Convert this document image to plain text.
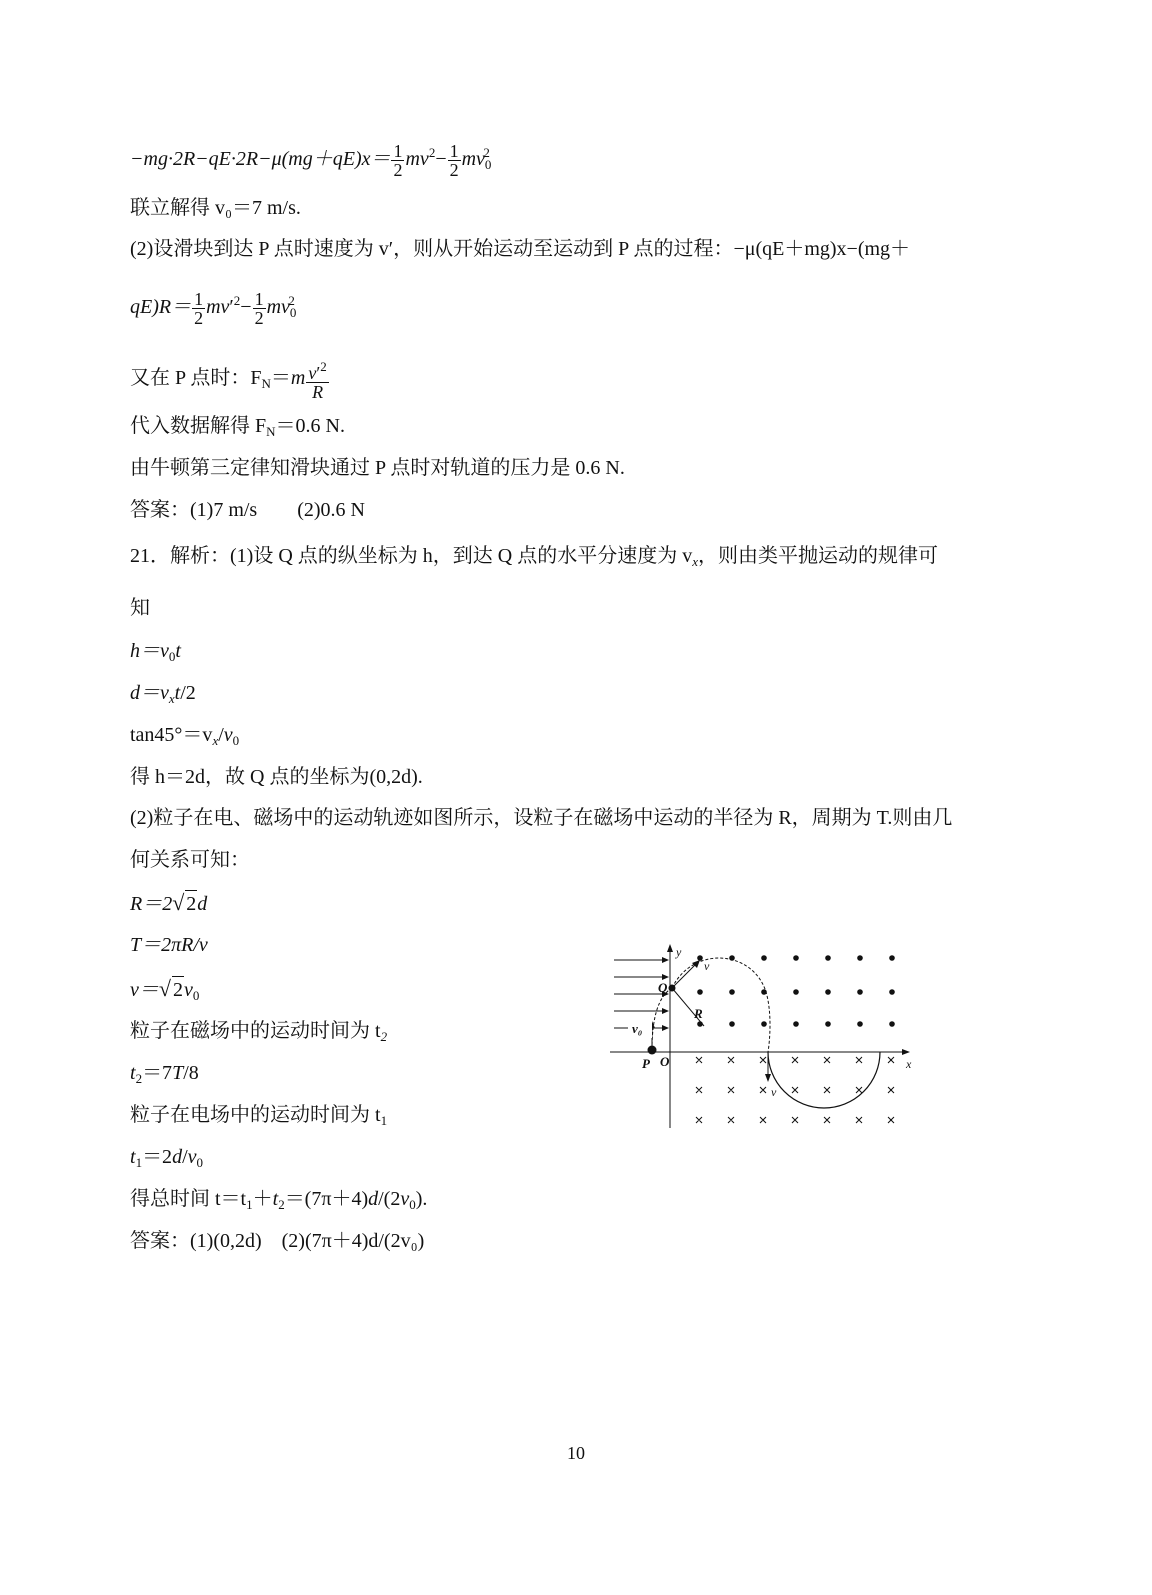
$-mg\cdot 2R-qE\cdot 2R-\mu(mg+qE)x= \frac{1}{2} mv^2- \frac{1}{2} mv_0^2$
联立解得 v₀＝7 m/s.
(2)设滑块到达 P 点时速度为 v′，则从开始运动至运动到 P 点的过程：−μ(qE＋mg)x−(mg＋
$qE)R= \frac{1}{2} mv'^2- \frac{1}{2} mv_0^2$
又在 P 点时：$F_N=m \frac{v'^2}{R}$
代入数据解得 $F_N=0.6$ N.
由牛顿第三定律知滑块通过 P 点时对轨道的压力是 0.6 N.
答案：(1)7 m/s　　(2)0.6 N
21．解析：(1)设 Q 点的纵坐标为 h，到达 Q 点的水平分速度为 $v_x$，则由类平抛运动的规律可
知
$h=v_0t$
$d=v_xt/2$
$\tan 45^\circ=v_x/v_0$
得 h＝2d，故 Q 点的坐标为(0,2d).
(2)粒子在电、磁场中的运动轨迹如图所示，设粒子在磁场中运动的半径为 R，周期为 T.则由几
何关系可知：
R＝2√ 2d
T＝2πR/v
v＝√ $2v_0$
粒子在磁场中的运动时间为 $t_2$
$t_2=7T/8$
粒子在电场中的运动时间为 $t_1$
$t_1=2d/v_0$
得总时间 $t=t_1+t_2=(7\pi+4)d/(2v_0)$.
答案：(1)(0,2d)　(2)(7π＋4)d/(2v₀)
y
x
Q
O
P
R
v
v
v₀
10
